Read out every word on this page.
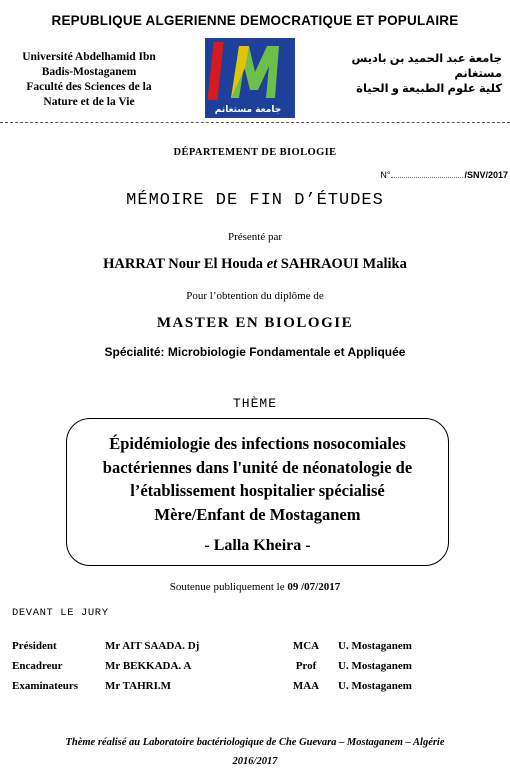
REPUBLIQUE ALGERIENNE DEMOCRATIQUE ET POPULAIRE
Université Abdelhamid Ibn
Badis-Mostaganem
Faculté des Sciences de la
Nature et de la Vie
جامعة مستغانم
جامعة عبد الحميد بن باديس
مستغانم
كلية علوم الطبيعة و الحياة
DÉPARTEMENT DE BIOLOGIE
N°	/SNV/2017
MÉMOIRE DE FIN D’ÉTUDES
Présenté par
HARRAT Nour El Houda et SAHRAOUI Malika
Pour l’obtention du diplôme de
MASTER EN BIOLOGIE
Spécialité: Microbiologie Fondamentale et Appliquée
THÈME
Épidémiologie des infections nosocomiales
bactériennes dans l'unité de néonatologie de
l’établissement hospitalier spécialisé
Mère/Enfant de Mostaganem
- Lalla Kheira -
Soutenue publiquement le 09 /07/2017
DEVANT LE JURY
Président	Mr AIT SAADA. Dj	MCA U. Mostaganem
Encadreur	Mr BEKKADA. A	Prof	U. Mostaganem
Examinateurs Mr TAHRI.M	MAA U. Mostaganem
Thème réalisé au Laboratoire bactériologique de Che Guevara – Mostaganem – Algérie
2016/2017
